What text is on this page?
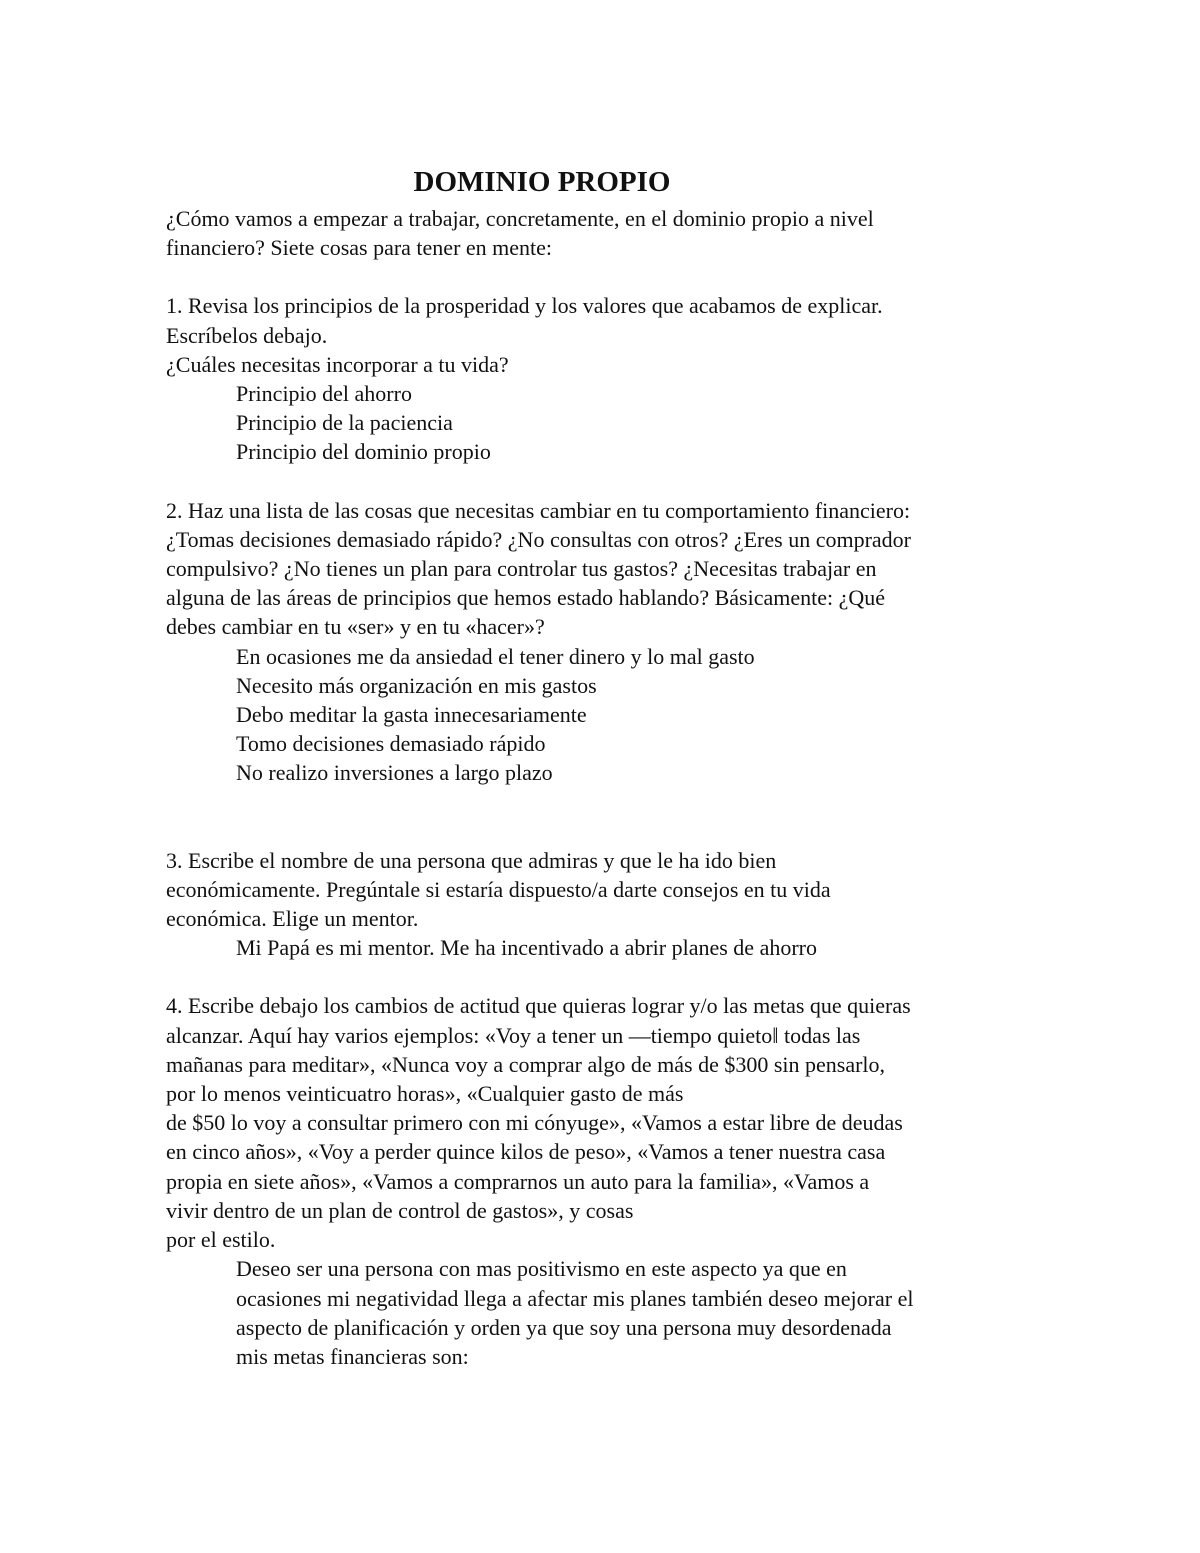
DOMINIO PROPIO
¿Cómo vamos a empezar a trabajar, concretamente, en el dominio propio a nivel
financiero? Siete cosas para tener en mente:
1. Revisa los principios de la prosperidad y los valores que acabamos de explicar.
Escríbelos debajo.
¿Cuáles necesitas incorporar a tu vida?
Principio del ahorro
Principio de la paciencia
Principio del dominio propio
2. Haz una lista de las cosas que necesitas cambiar en tu comportamiento financiero:
¿Tomas decisiones demasiado rápido? ¿No consultas con otros? ¿Eres un comprador
compulsivo? ¿No tienes un plan para controlar tus gastos? ¿Necesitas trabajar en
alguna de las áreas de principios que hemos estado hablando? Básicamente: ¿Qué
debes cambiar en tu «ser» y en tu «hacer»?
En ocasiones me da ansiedad el tener dinero y lo mal gasto
Necesito más organización en mis gastos
Debo meditar la gasta innecesariamente
Tomo decisiones demasiado rápido
No realizo inversiones a largo plazo
3. Escribe el nombre de una persona que admiras y que le ha ido bien
económicamente. Pregúntale si estaría dispuesto/a darte consejos en tu vida
económica. Elige un mentor.
Mi Papá es mi mentor. Me ha incentivado a abrir planes de ahorro
4. Escribe debajo los cambios de actitud que quieras lograr y/o las metas que quieras
alcanzar. Aquí hay varios ejemplos: «Voy a tener un ―tiempo quieto‖ todas las
mañanas para meditar», «Nunca voy a comprar algo de más de $300 sin pensarlo,
por lo menos veinticuatro horas», «Cualquier gasto de más
de $50 lo voy a consultar primero con mi cónyuge», «Vamos a estar libre de deudas
en cinco años», «Voy a perder quince kilos de peso», «Vamos a tener nuestra casa
propia en siete años», «Vamos a comprarnos un auto para la familia», «Vamos a
vivir dentro de un plan de control de gastos», y cosas
por el estilo.
Deseo ser una persona con mas positivismo en este aspecto ya que en
ocasiones mi negatividad llega a afectar mis planes también deseo mejorar el
aspecto de planificación y orden ya que soy una persona muy desordenada
mis metas financieras son:
